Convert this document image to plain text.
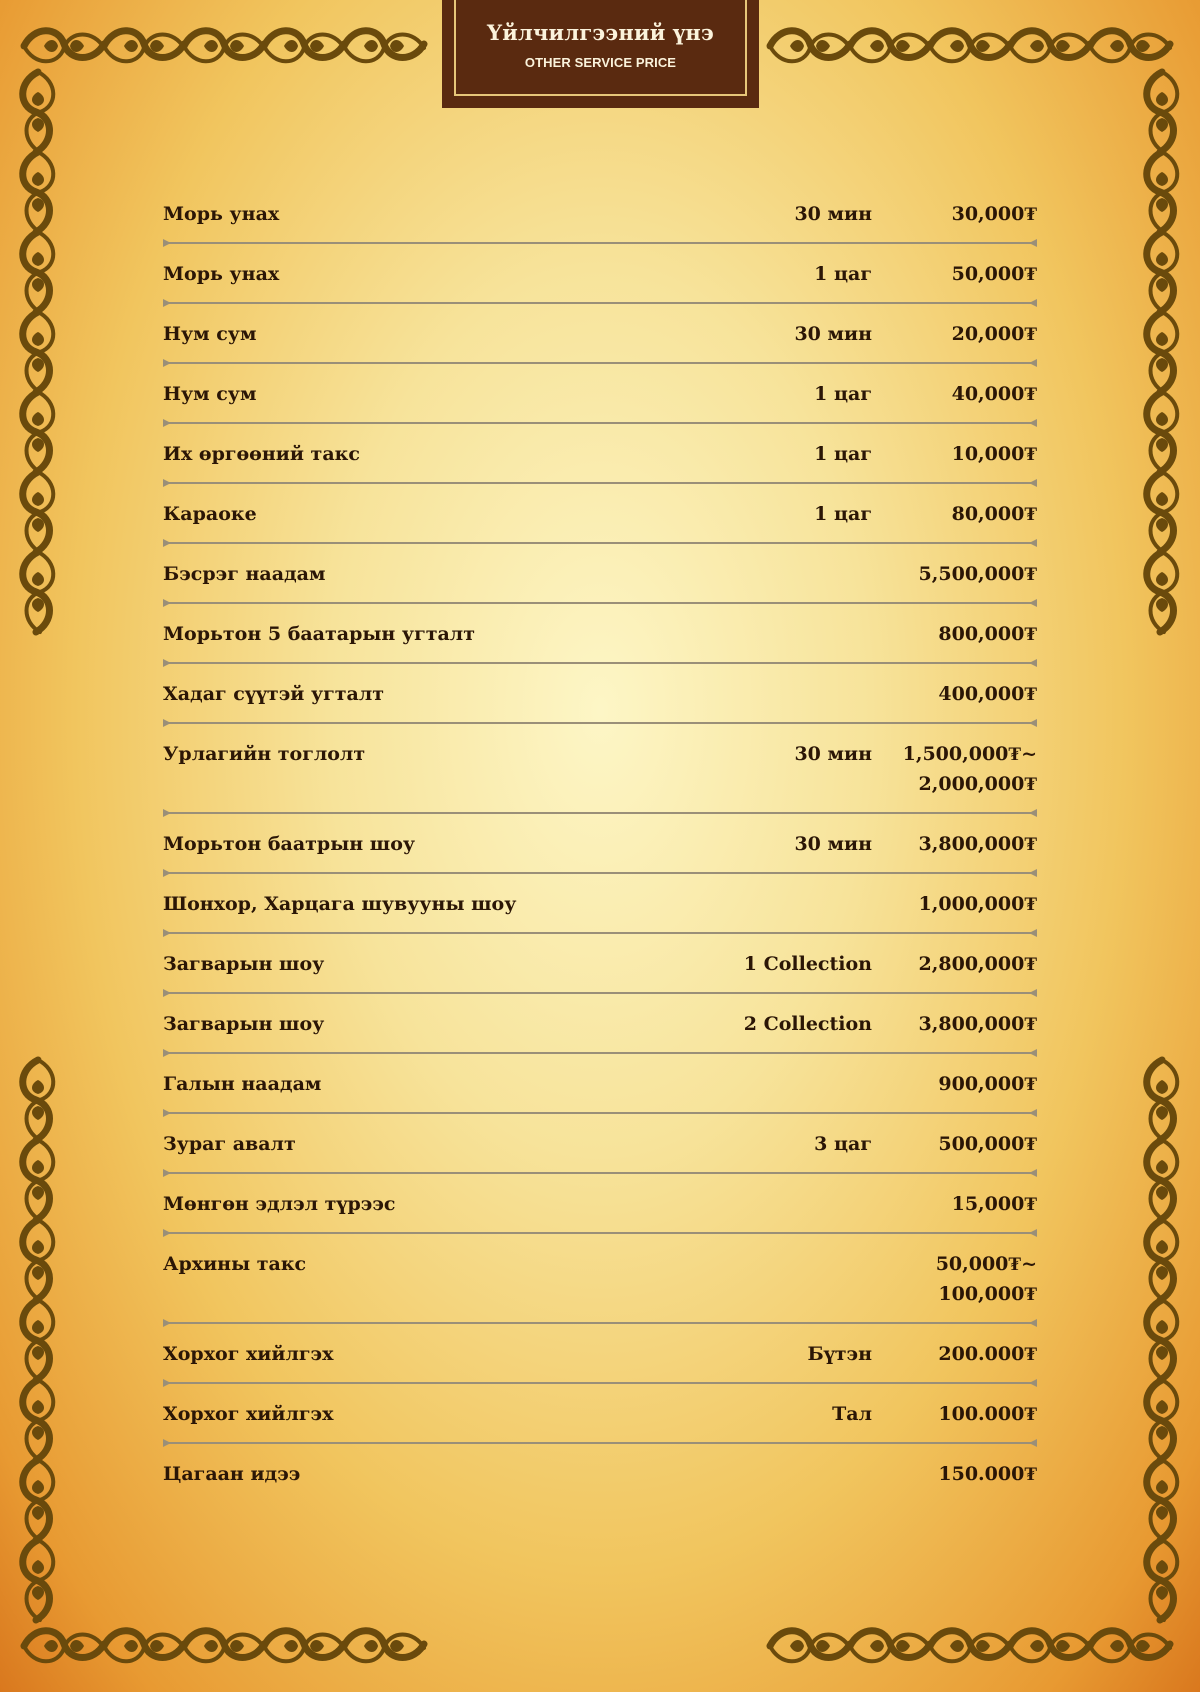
Үйлчилгээний үнэ
OTHER SERVICE PRICE
Морь унах	30 мин	30,000₮
Морь унах	1 цаг	50,000₮
Нум сум	30 мин	20,000₮
Нум сум	1 цаг	40,000₮
Их өргөөний такс	1 цаг	10,000₮
Караоке	1 цаг	80,000₮
Бэсрэг наадам	5,500,000₮
Морьтон 5 баатарын угталт	800,000₮
Хадаг сүүтэй угталт	400,000₮
Урлагийн тоглолт	30 мин 1,500,000₮~
2,000,000₮
Морьтон баатрын шоу	30 мин 3,800,000₮
Шонхор, Харцага шувууны шоу	1,000,000₮
Загварын шоу	1 Collection 2,800,000₮
Загварын шоу	2 Collection 3,800,000₮
Галын наадам	900,000₮
Зураг авалт	3 цаг	500,000₮
Мөнгөн эдлэл түрээс	15,000₮
Архины такс	50,000₮~
100,000₮
Хорхог хийлгэх	Бүтэн	200.000₮
Хорхог хийлгэх	Тал	100.000₮
Цагаан идээ	150.000₮
